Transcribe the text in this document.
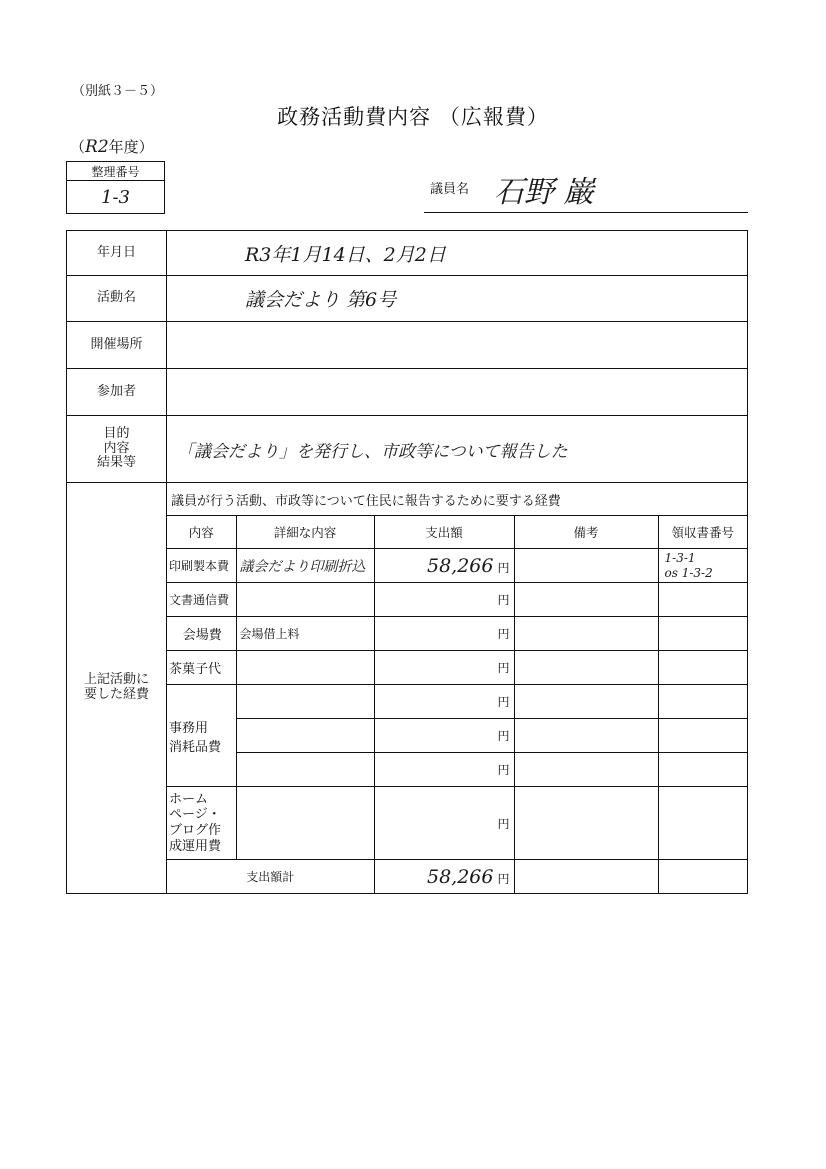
（別紙３－５）
政務活動費内容 （広報費）
（ R2 年度）
整理番号
1-3	議員名 石野 巌
年月日	R3年1月14日、2月2日
活動名	議会だより 第6号
開催場所
参加者
目的
内容
結果等
「議会だより」を発行し、市政等について報告した
上記活動に
要した経費
議員が行う活動、市政等について住民に報告するために要する経費
内容	詳細な内容	支出額	備考	領収書番号
印刷製本費	議会だより印刷折込	58,266 円		1-3-1
os 1-3-2
文書通信費		円		
会場費	会場借上料	円		
茶菓子代		円		
事務用
消耗品費		円		
		円		
		円		
ホーム
ページ・
ブログ作
成運用費		円		
支出額計		58,266 円		
